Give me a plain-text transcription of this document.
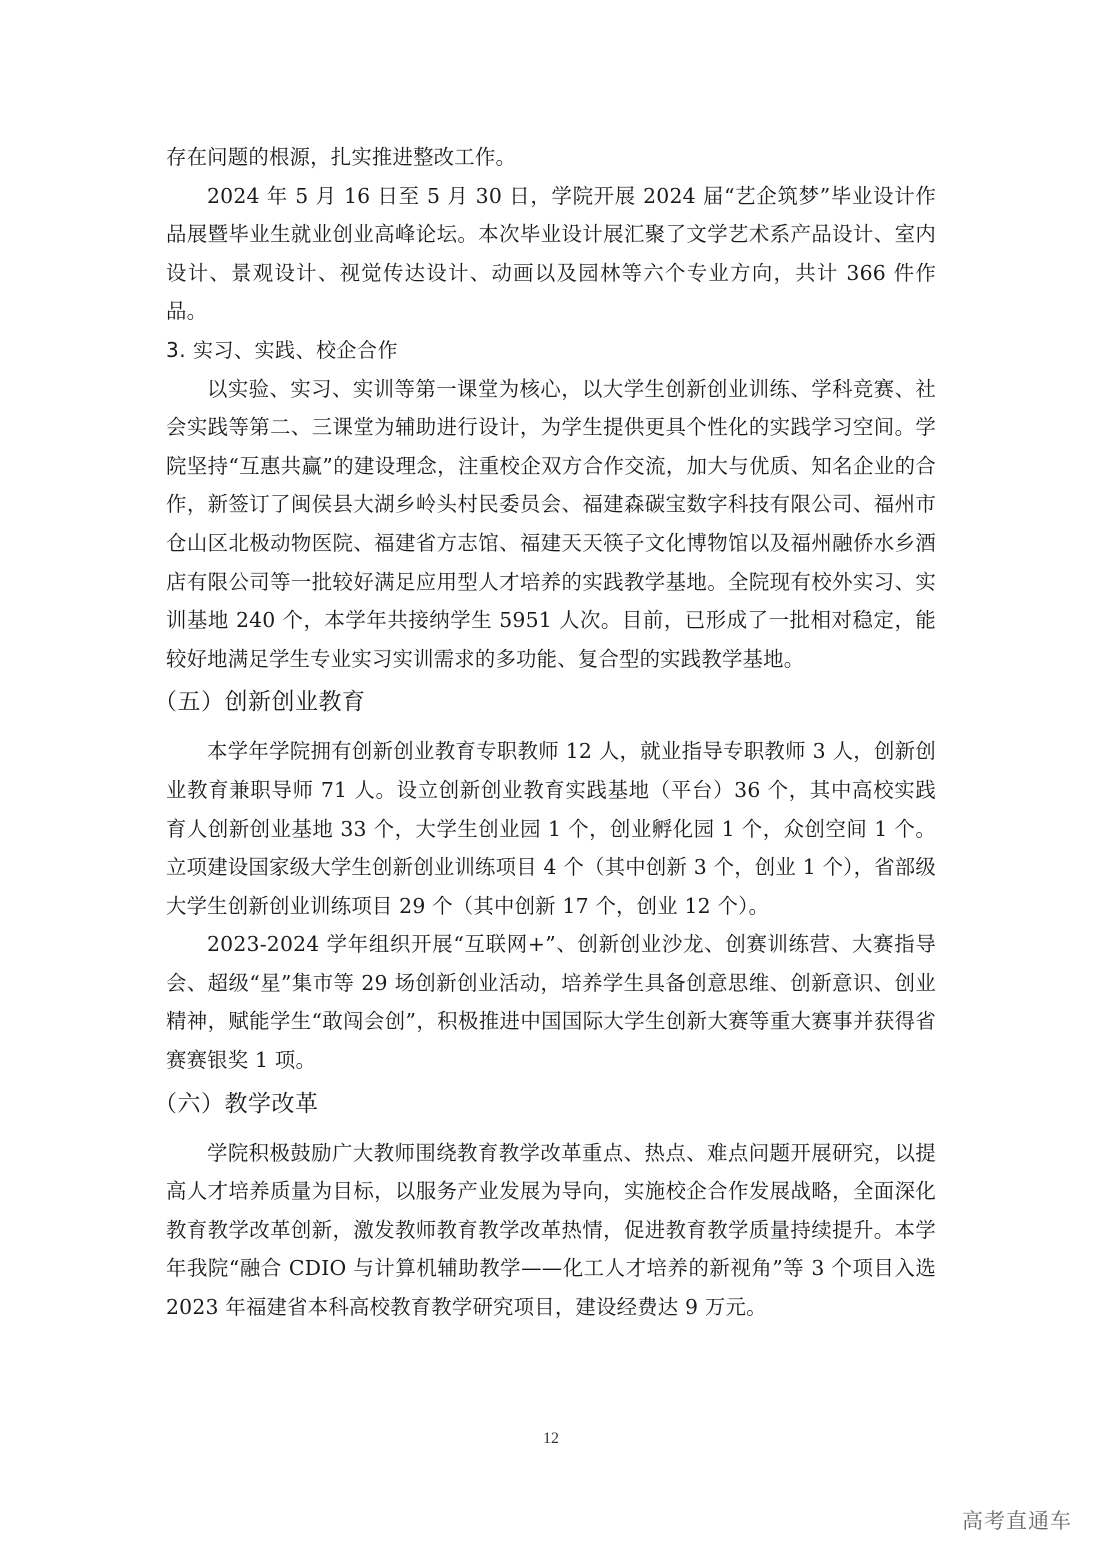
存在问题的根源，扎实推进整改工作。

2024 年 5 月 16 日至 5 月 30 日，学院开展 2024 届“艺企筑梦”毕业设计作品展暨毕业生就业创业高峰论坛。本次毕业设计展汇聚了文学艺术系产品设计、室内设计、景观设计、视觉传达设计、动画以及园林等六个专业方向，共计 366 件作品。

3. 实习、实践、校企合作

以实验、实习、实训等第一课堂为核心，以大学生创新创业训练、学科竞赛、社会实践等第二、三课堂为辅助进行设计，为学生提供更具个性化的实践学习空间。学院坚持“互惠共赢”的建设理念，注重校企双方合作交流，加大与优质、知名企业的合作，新签订了闽侯县大湖乡岭头村民委员会、福建森碳宝数字科技有限公司、福州市仓山区北极动物医院、福建省方志馆、福建天天筷子文化博物馆以及福州融侨水乡酒店有限公司等一批较好满足应用型人才培养的实践教学基地。全院现有校外实习、实训基地 240 个，本学年共接纳学生 5951 人次。目前，已形成了一批相对稳定，能较好地满足学生专业实习实训需求的多功能、复合型的实践教学基地。

（五）创新创业教育

本学年学院拥有创新创业教育专职教师 12 人，就业指导专职教师 3 人，创新创业教育兼职导师 71 人。设立创新创业教育实践基地（平台）36 个，其中高校实践育人创新创业基地 33 个，大学生创业园 1 个，创业孵化园 1 个，众创空间 1 个。立项建设国家级大学生创新创业训练项目 4 个（其中创新 3 个，创业 1 个），省部级大学生创新创业训练项目 29 个（其中创新 17 个，创业 12 个）。

2023-2024 学年组织开展“互联网+”、创新创业沙龙、创赛训练营、大赛指导会、超级“星”集市等 29 场创新创业活动，培养学生具备创意思维、创新意识、创业精神，赋能学生“敢闯会创”，积极推进中国国际大学生创新大赛等重大赛事并获得省赛赛银奖 1 项。

（六）教学改革

学院积极鼓励广大教师围绕教育教学改革重点、热点、难点问题开展研究，以提高人才培养质量为目标，以服务产业发展为导向，实施校企合作发展战略，全面深化教育教学改革创新，激发教师教育教学改革热情，促进教育教学质量持续提升。本学年我院“融合 CDIO 与计算机辅助教学——化工人才培养的新视角”等 3 个项目入选 2023 年福建省本科高校教育教学研究项目，建设经费达 9 万元。

12
高考直通车
